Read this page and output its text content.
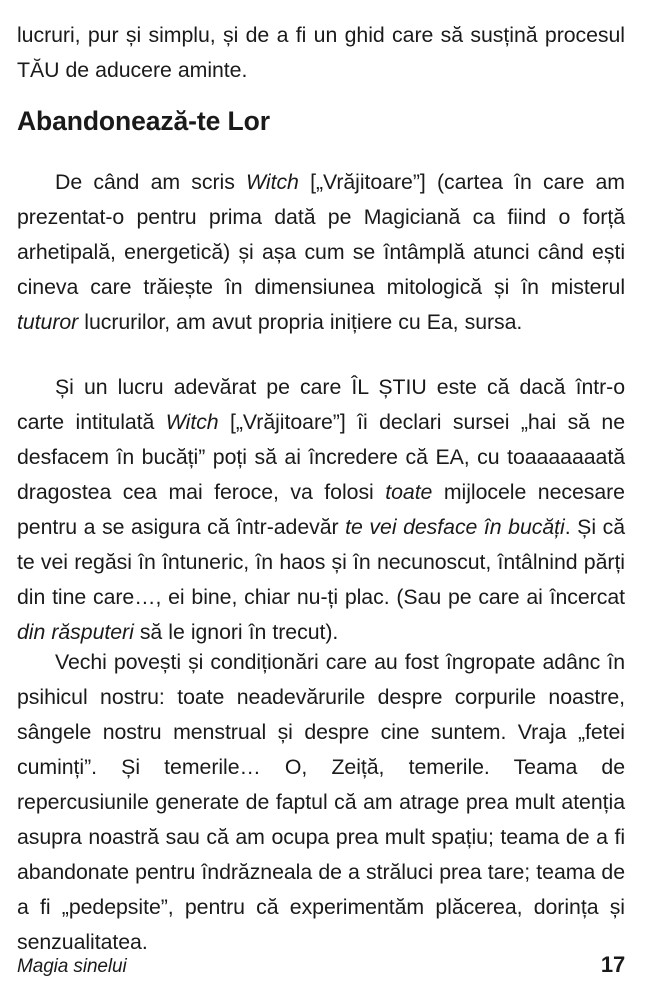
lucruri, pur și simplu, și de a fi un ghid care să susțină procesul TĂU de aducere aminte.

Abandonează-te Lor

De când am scris Witch [„Vrăjitoare”] (cartea în care am prezentat-o pentru prima dată pe Magiciană ca fiind o forță arhetipală, energetică) și așa cum se întâmplă atunci când ești cineva care trăiește în dimensiunea mitologică și în misterul tuturor lucrurilor, am avut propria inițiere cu Ea, sursa.

Și un lucru adevărat pe care ÎL ȘTIU este că dacă într-o carte intitulată Witch [„Vrăjitoare”] îi declari sursei „hai să ne desfacem în bucăți” poți să ai încredere că EA, cu toaaaaaaată dragostea cea mai feroce, va folosi toate mijlocele necesare pentru a se asigura că într-adevăr te vei desface în bucăți. Și că te vei regăsi în întuneric, în haos și în necunoscut, întâlnind părți din tine care…, ei bine, chiar nu-ți plac. (Sau pe care ai încercat din răsputeri să le ignori în trecut).

Vechi povești și condiționări care au fost îngropate adânc în psihicul nostru: toate neadevărurile despre corpurile noastre, sângele nostru menstrual și despre cine suntem. Vraja „fetei cuminți”. Și temerile… O, Zeiță, temerile. Teama de repercusiunile generate de faptul că am atrage prea mult atenția asupra noastră sau că am ocupa prea mult spațiu; teama de a fi abandonate pentru îndrăzneala de a străluci prea tare; teama de a fi „pedepsite”, pentru că experimentăm plăcerea, dorința și senzualitatea.

Magia sinelui	17
